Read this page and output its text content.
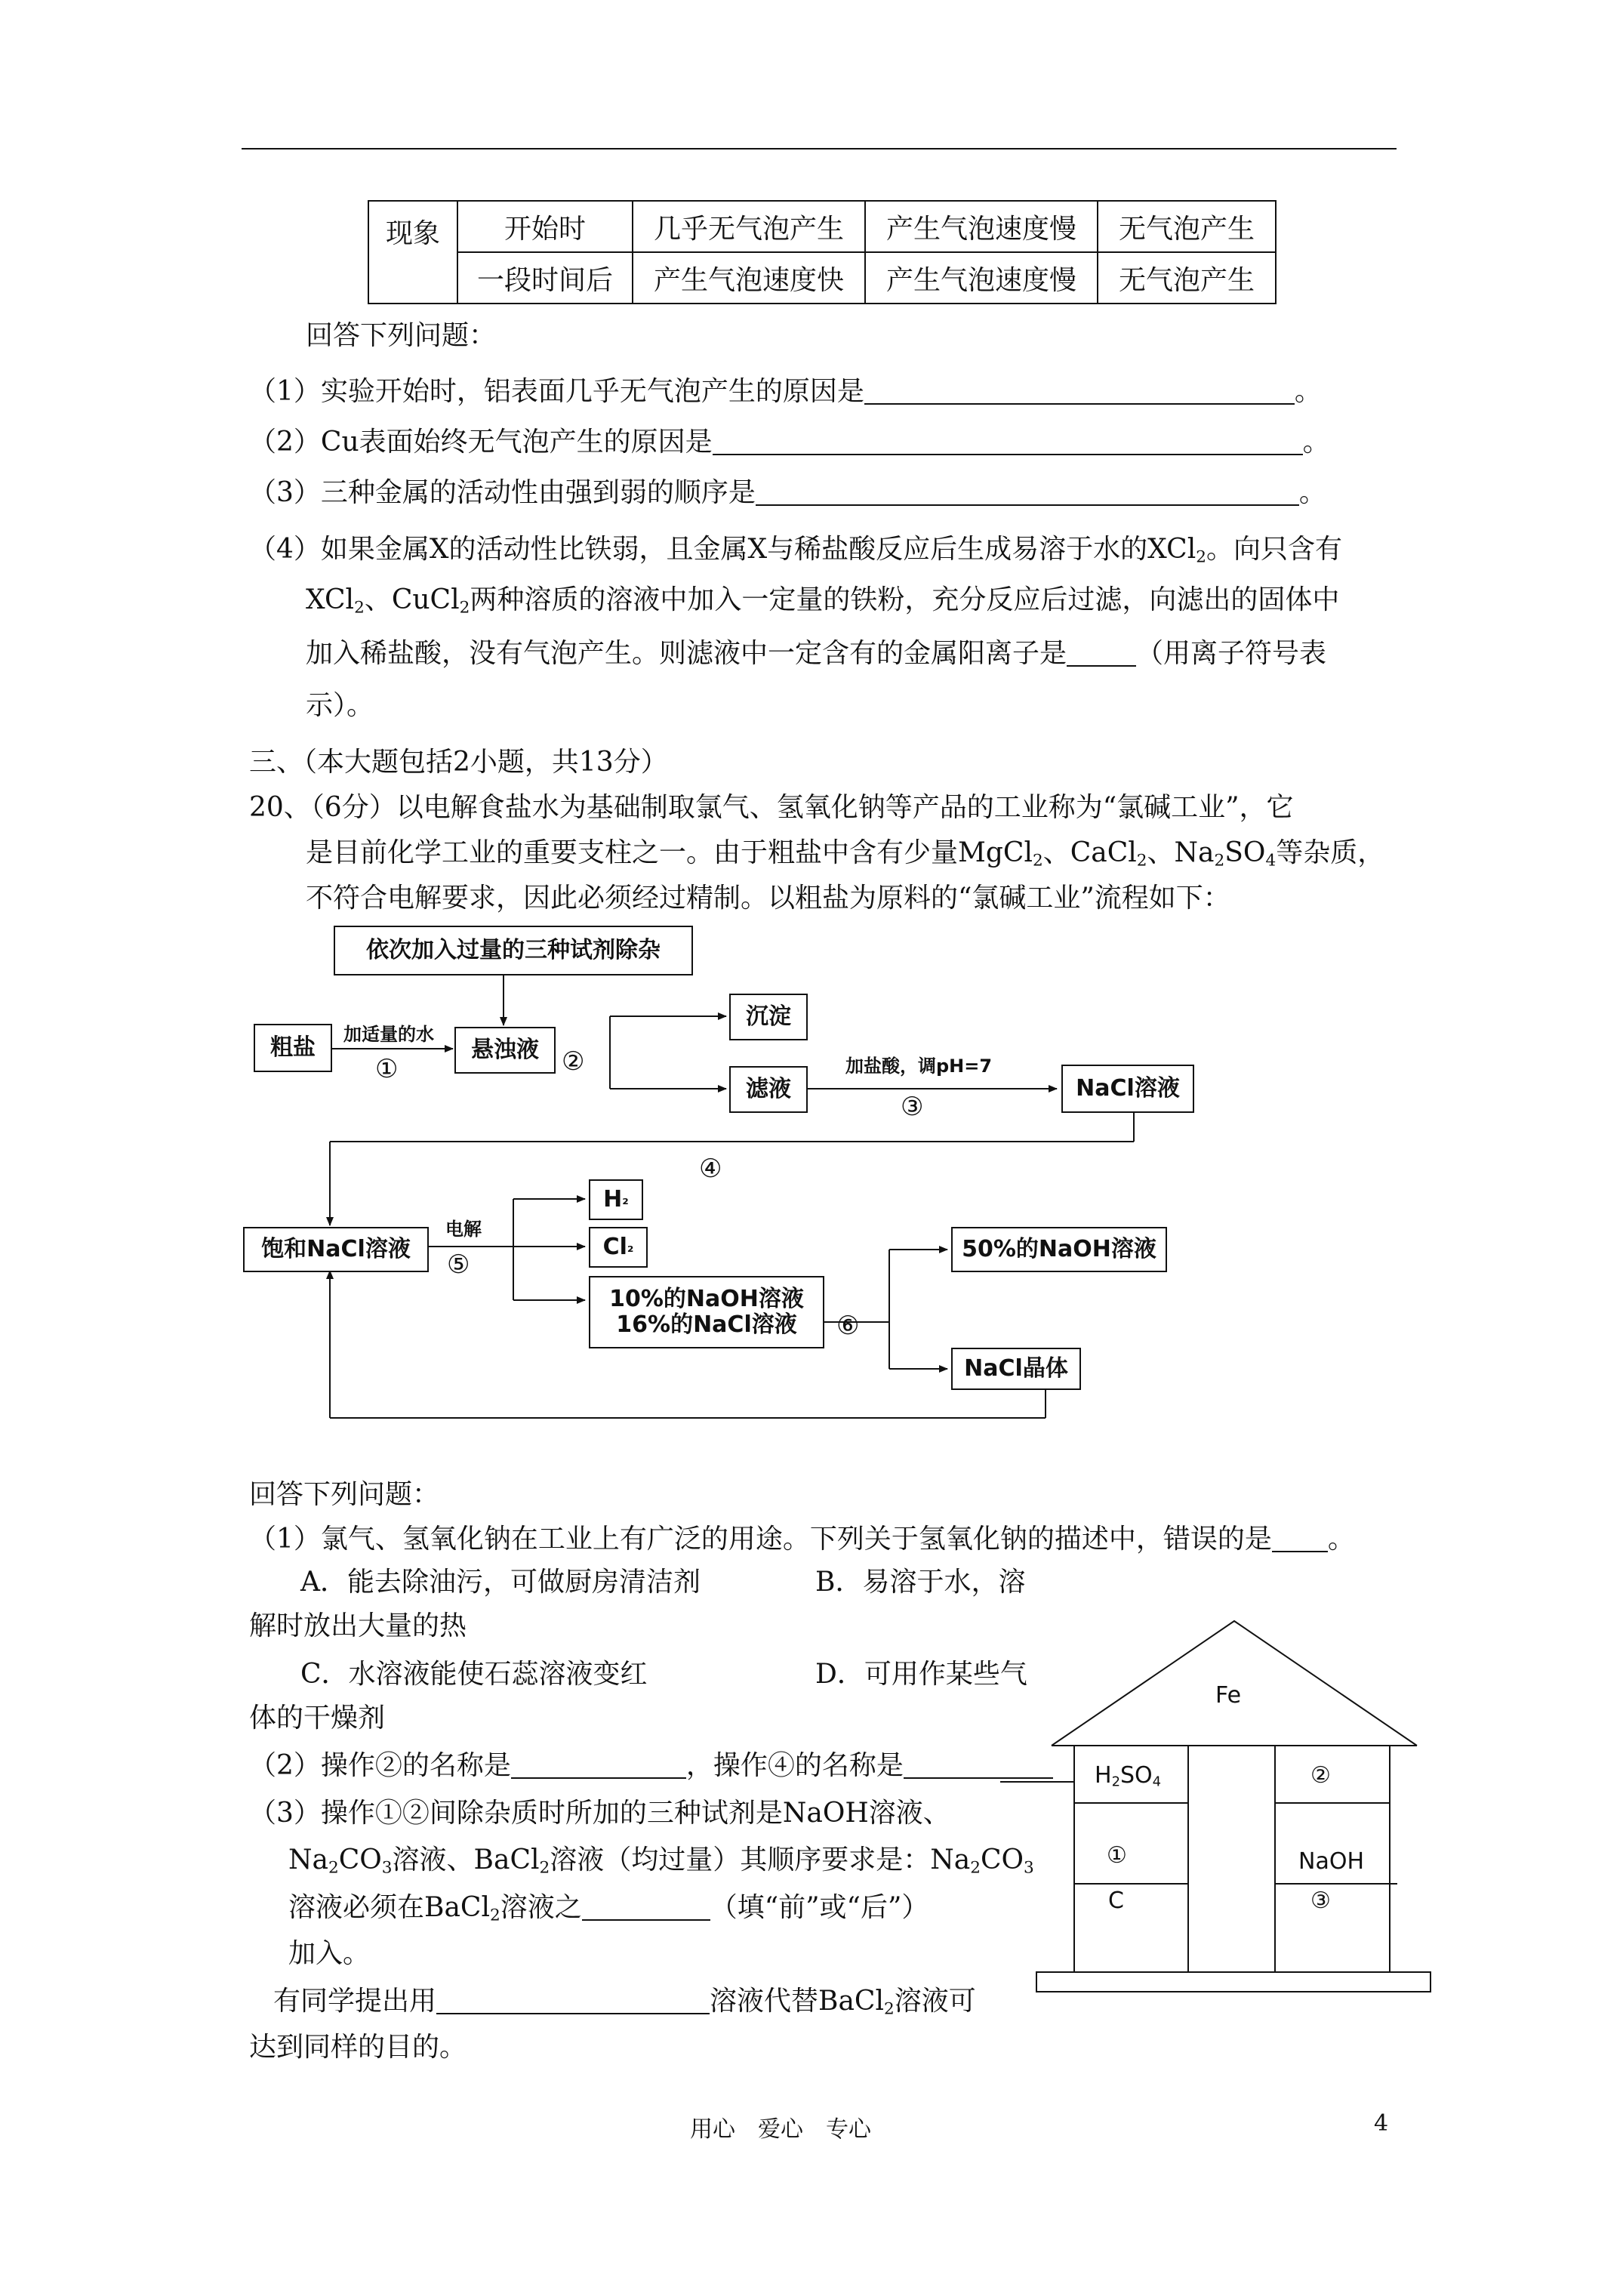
现象	开始时	几乎无气泡产生	产生气泡速度慢	无气泡产生
	一段时间后	产生气泡速度快	产生气泡速度慢	无气泡产生
回答下列问题：
（1）实验开始时，铝表面几乎无气泡产生的原因是	。
（2）Cu表面始终无气泡产生的原因是	。
（3）三种金属的活动性由强到弱的顺序是	。
（4）如果金属X的活动性比铁弱，且金属X与稀盐酸反应后生成易溶于水的XCl$_2$。向只含有
XCl$_2$、CuCl$_2$两种溶质的溶液中加入一定量的铁粉，充分反应后过滤，向滤出的固体中
加入稀盐酸，没有气泡产生。则滤液中一定含有的金属阳离子是	（用离子符号表
示）。
三、（本大题包括2小题，共13分）
20、（6分）以电解食盐水为基础制取氯气、氢氧化钠等产品的工业称为“氯碱工业”，它
是目前化学工业的重要支柱之一。由于粗盐中含有少量MgCl$_2$、CaCl$_2$、$Na_2SO_4$等杂质，
不符合电解要求，因此必须经过精制。以粗盐为原料的“氯碱工业”流程如下：
依次加入过量的三种试剂除杂
粗盐	悬浊液
沉淀
滤液	NaCl溶液
饱和NaCl溶液
H ₂
Cl ₂
10%的NaOH溶液
16%的NaCl溶液
50%的NaOH溶液
NaCl晶体
加适量的水
①	②	加盐酸，调pH=7
③
④
电解
⑤
⑥
回答下列问题：
（1）氯气、氢氧化钠在工业上有广泛的用途。下列关于氢氧化钠的描述中，错误的是 。
A．能去除油污，可做厨房清洁剂	B．易溶于水，溶
解时放出大量的热
C．水溶液能使石蕊溶液变红	D．可用作某些气
体的干燥剂
（2）操作②的名称是	，操作④的名称是
（3）操作①②间除杂质时所加的三种试剂是NaOH溶液、
$Na_2CO_3$溶液、BaCl$_2$溶液（均过量）其顺序要求是：$Na_2CO_3$
溶液必须在BaCl$_2$溶液之	（填“前”或“后”）
加入。
有同学提出用	溶液代替BaCl$_2$溶液可
达到同样的目的。
Fe
$H_2SO_4$
①
C
②
NaOH
③
用心　爱心　专心	4
